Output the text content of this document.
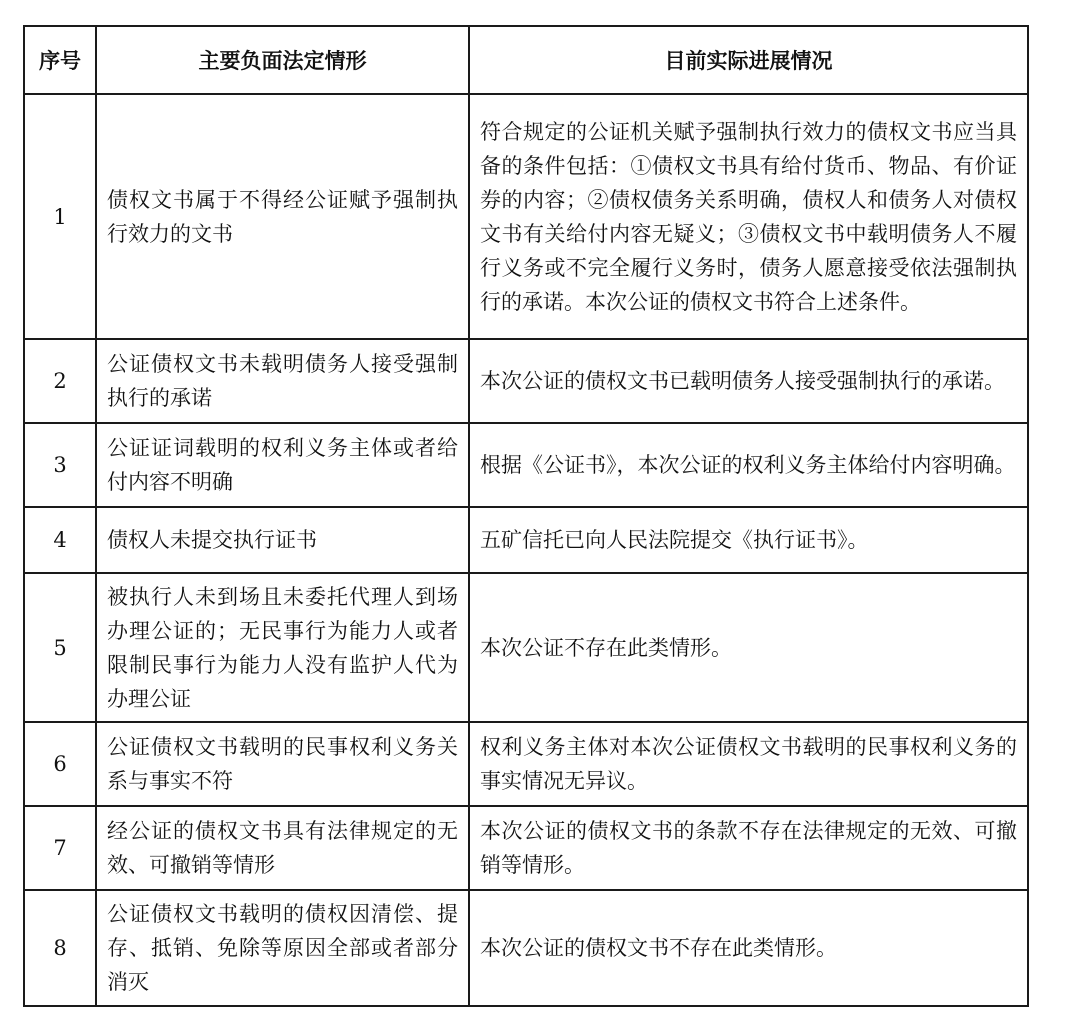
序号	主要负面法定情形	目前实际进展情况
1	债权文书属于不得经公证赋予强制执行效力的文书	符合规定的公证机关赋予强制执行效力的债权文书应当具备的条件包括：①债权文书具有给付货币、物品、有价证券的内容；②债权债务关系明确，债权人和债务人对债权文书有关给付内容无疑义；③债权文书中载明债务人不履行义务或不完全履行义务时，债务人愿意接受依法强制执行的承诺。本次公证的债权文书符合上述条件。
2	公证债权文书未载明债务人接受强制执行的承诺	本次公证的债权文书已载明债务人接受强制执行的承诺。
3	公证证词载明的权利义务主体或者给付内容不明确	根据《公证书》，本次公证的权利义务主体给付内容明确。
4	债权人未提交执行证书	五矿信托已向人民法院提交《执行证书》。
5	被执行人未到场且未委托代理人到场办理公证的；无民事行为能力人或者限制民事行为能力人没有监护人代为办理公证	本次公证不存在此类情形。
6	公证债权文书载明的民事权利义务关系与事实不符	权利义务主体对本次公证债权文书载明的民事权利义务的事实情况无异议。
7	经公证的债权文书具有法律规定的无效、可撤销等情形	本次公证的债权文书的条款不存在法律规定的无效、可撤销等情形。
8	公证债权文书载明的债权因清偿、提存、抵销、免除等原因全部或者部分消灭	本次公证的债权文书不存在此类情形。
